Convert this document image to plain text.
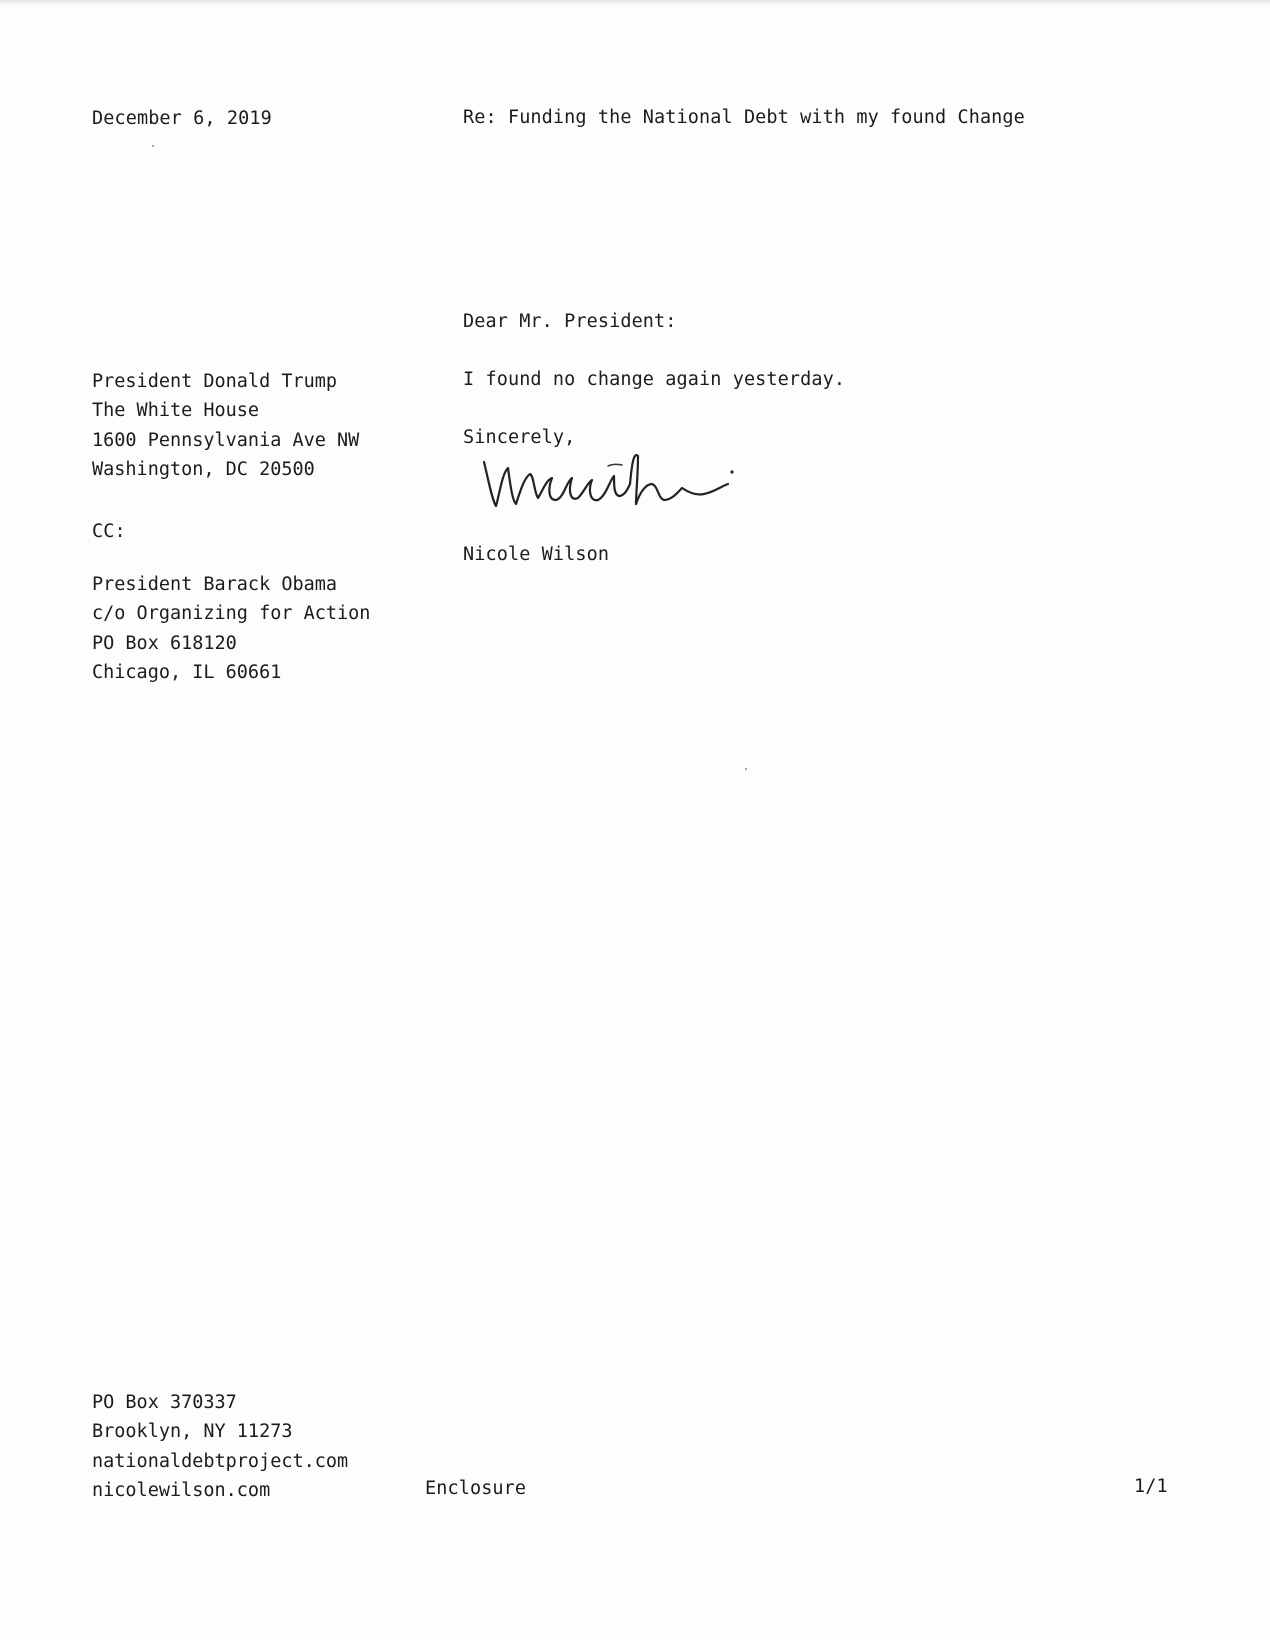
December 6, 2019	Re: Funding the National Debt with my found Change
Dear Mr. President:
I found no change again yesterday.
Sincerely,
Nicole Wilson
President Donald Trump
The White House
1600 Pennsylvania Ave NW
Washington, DC 20500
CC:
President Barack Obama
c/o Organizing for Action
PO Box 618120
Chicago, IL 60661
PO Box 370337
Brooklyn, NY 11273
nationaldebtproject.com
nicolewilson.com	Enclosure	1/1
